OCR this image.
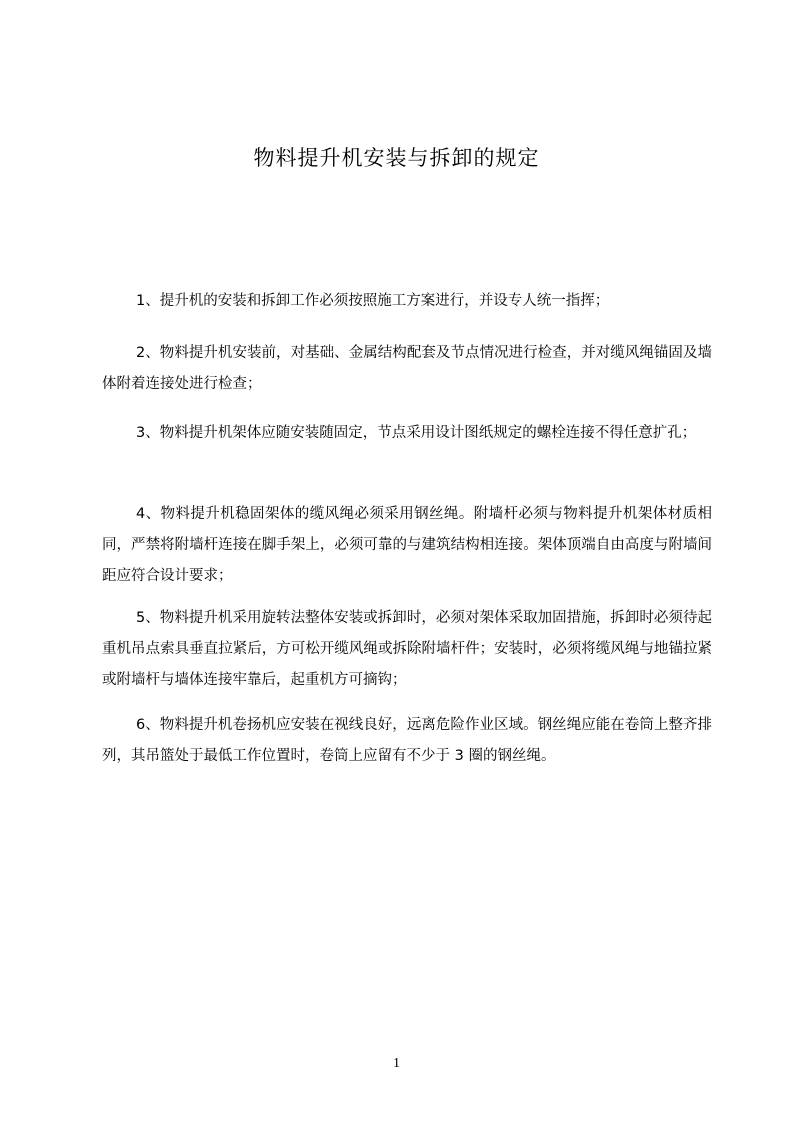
物料提升机安装与拆卸的规定
1、提升机的安装和拆卸工作必须按照施工方案进行，并设专人统一指挥；
2、物料提升机安装前，对基础、金属结构配套及节点情况进行检查，并对缆风绳锚固及墙体附着连接处进行检查；
3、物料提升机架体应随安装随固定，节点采用设计图纸规定的螺栓连接不得任意扩孔；
4、物料提升机稳固架体的缆风绳必须采用钢丝绳。附墙杆必须与物料提升机架体材质相同，严禁将附墙杆连接在脚手架上，必须可靠的与建筑结构相连接。架体顶端自由高度与附墙间距应符合设计要求；
5、物料提升机采用旋转法整体安装或拆卸时，必须对架体采取加固措施，拆卸时必须待起重机吊点索具垂直拉紧后，方可松开缆风绳或拆除附墙杆件；安装时，必须将缆风绳与地锚拉紧或附墙杆与墙体连接牢靠后，起重机方可摘钩；
6、物料提升机卷扬机应安装在视线良好，远离危险作业区域。钢丝绳应能在卷筒上整齐排列，其吊篮处于最低工作位置时，卷筒上应留有不少于 3 圈的钢丝绳。
1
